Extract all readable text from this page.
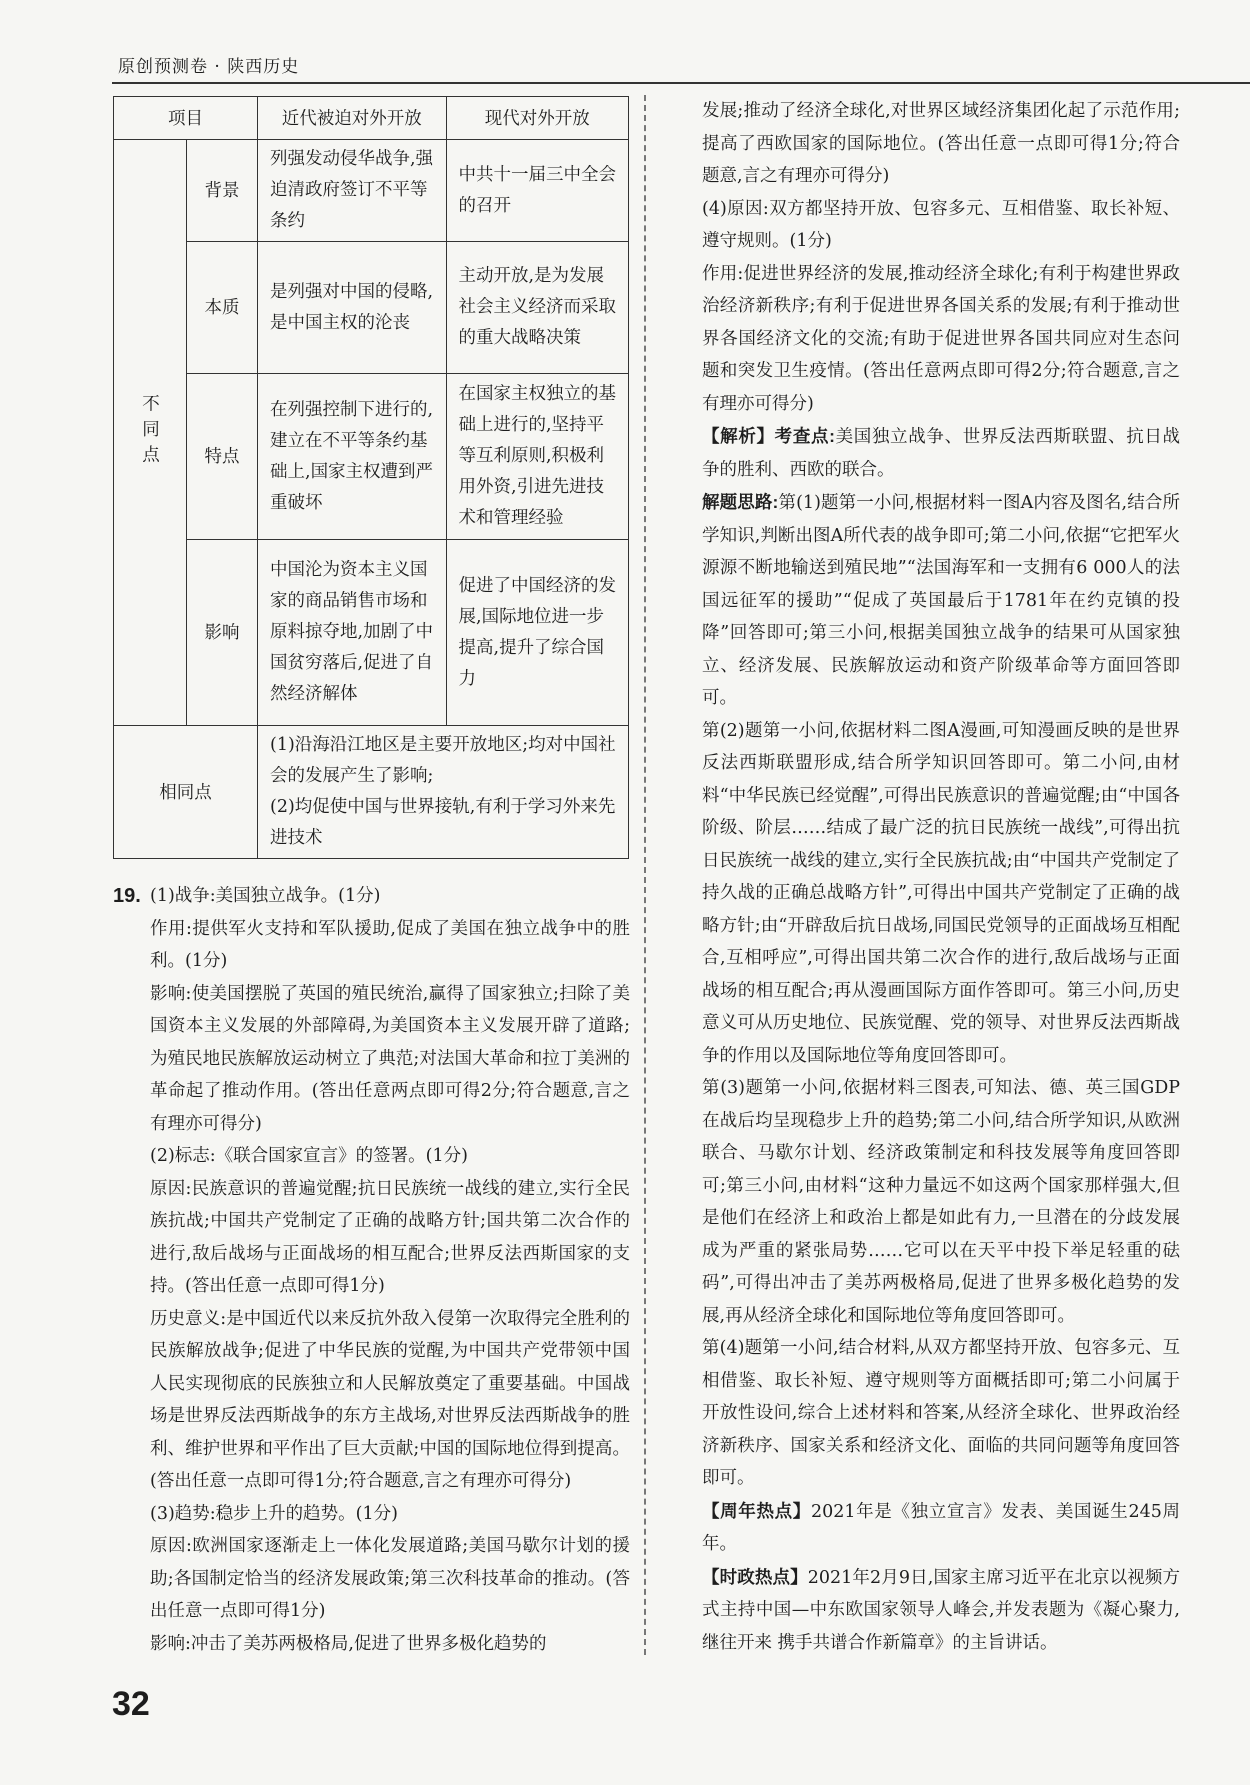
原创预测卷 · 陕西历史
项目		近代被迫对外开放	现代对外开放

不同点	背景	列强发动侵华战争,强迫清政府签订不平等条约	中共十一届三中全会的召开
	本质	是列强对中国的侵略,是中国主权的沦丧	主动开放,是为发展社会主义经济而采取的重大战略决策
	特点	在列强控制下进行的,建立在不平等条约基础上,国家主权遭到严重破坏	在国家主权独立的基础上进行的,坚持平等互利原则,积极利用外资,引进先进技术和管理经验
	影响	中国沦为资本主义国家的商品销售市场和原料掠夺地,加剧了中国贫穷落后,促进了自然经济解体	促进了中国经济的发展,国际地位进一步提高,提升了综合国力
相同点		(1)沿海沿江地区是主要开放地区;均对中国社会的发展产生了影响;
(2)均促使中国与世界接轨,有利于学习外来先进技术	
19. (1)战争:美国独立战争。(1分)

作用:提供军火支持和军队援助,促成了美国在独立战争中的胜利。(1分)

影响:使美国摆脱了英国的殖民统治,赢得了国家独立;扫除了美国资本主义发展的外部障碍,为美国资本主义发展开辟了道路;为殖民地民族解放运动树立了典范;对法国大革命和拉丁美洲的革命起了推动作用。(答出任意两点即可得2分;符合题意,言之有理亦可得分)

(2)标志:《联合国家宣言》的签署。(1分)

原因:民族意识的普遍觉醒;抗日民族统一战线的建立,实行全民族抗战;中国共产党制定了正确的战略方针;国共第二次合作的进行,敌后战场与正面战场的相互配合;世界反法西斯国家的支持。(答出任意一点即可得1分)

历史意义:是中国近代以来反抗外敌入侵第一次取得完全胜利的民族解放战争;促进了中华民族的觉醒,为中国共产党带领中国人民实现彻底的民族独立和人民解放奠定了重要基础。中国战场是世界反法西斯战争的东方主战场,对世界反法西斯战争的胜利、维护世界和平作出了巨大贡献;中国的国际地位得到提高。(答出任意一点即可得1分;符合题意,言之有理亦可得分)

(3)趋势:稳步上升的趋势。(1分)

原因:欧洲国家逐渐走上一体化发展道路;美国马歇尔计划的援助;各国制定恰当的经济发展政策;第三次科技革命的推动。(答出任意一点即可得1分)

影响:冲击了美苏两极格局,促进了世界多极化趋势的

发展;推动了经济全球化,对世界区域经济集团化起了示范作用;提高了西欧国家的国际地位。(答出任意一点即可得1分;符合题意,言之有理亦可得分)

(4)原因:双方都坚持开放、包容多元、互相借鉴、取长补短、遵守规则。(1分)

作用:促进世界经济的发展,推动经济全球化;有利于构建世界政治经济新秩序;有利于促进世界各国关系的发展;有利于推动世界各国经济文化的交流;有助于促进世界各国共同应对生态问题和突发卫生疫情。(答出任意两点即可得2分;符合题意,言之有理亦可得分)

【解析】考查点:美国独立战争、世界反法西斯联盟、抗日战争的胜利、西欧的联合。

解题思路:第(1)题第一小问,根据材料一图A内容及图名,结合所学知识,判断出图A所代表的战争即可;第二小问,依据“它把军火源源不断地输送到殖民地”“法国海军和一支拥有6 000人的法国远征军的援助”“促成了英国最后于1781年在约克镇的投降”回答即可;第三小问,根据美国独立战争的结果可从国家独立、经济发展、民族解放运动和资产阶级革命等方面回答即可。

第(2)题第一小问,依据材料二图A漫画,可知漫画反映的是世界反法西斯联盟形成,结合所学知识回答即可。第二小问,由材料“中华民族已经觉醒”,可得出民族意识的普遍觉醒;由“中国各阶级、阶层……结成了最广泛的抗日民族统一战线”,可得出抗日民族统一战线的建立,实行全民族抗战;由“中国共产党制定了持久战的正确总战略方针”,可得出中国共产党制定了正确的战略方针;由“开辟敌后抗日战场,同国民党领导的正面战场互相配合,互相呼应”,可得出国共第二次合作的进行,敌后战场与正面战场的相互配合;再从漫画国际方面作答即可。第三小问,历史意义可从历史地位、民族觉醒、党的领导、对世界反法西斯战争的作用以及国际地位等角度回答即可。

第(3)题第一小问,依据材料三图表,可知法、德、英三国GDP在战后均呈现稳步上升的趋势;第二小问,结合所学知识,从欧洲联合、马歇尔计划、经济政策制定和科技发展等角度回答即可;第三小问,由材料“这种力量远不如这两个国家那样强大,但是他们在经济上和政治上都是如此有力,一旦潜在的分歧发展成为严重的紧张局势……它可以在天平中投下举足轻重的砝码”,可得出冲击了美苏两极格局,促进了世界多极化趋势的发展,再从经济全球化和国际地位等角度回答即可。

第(4)题第一小问,结合材料,从双方都坚持开放、包容多元、互相借鉴、取长补短、遵守规则等方面概括即可;第二小问属于开放性设问,综合上述材料和答案,从经济全球化、世界政治经济新秩序、国家关系和经济文化、面临的共同问题等角度回答即可。

【周年热点】2021年是《独立宣言》发表、美国诞生245周年。

【时政热点】2021年2月9日,国家主席习近平在北京以视频方式主持中国—中东欧国家领导人峰会,并发表题为《凝心聚力,继往开来 携手共谱合作新篇章》的主旨讲话。

32
